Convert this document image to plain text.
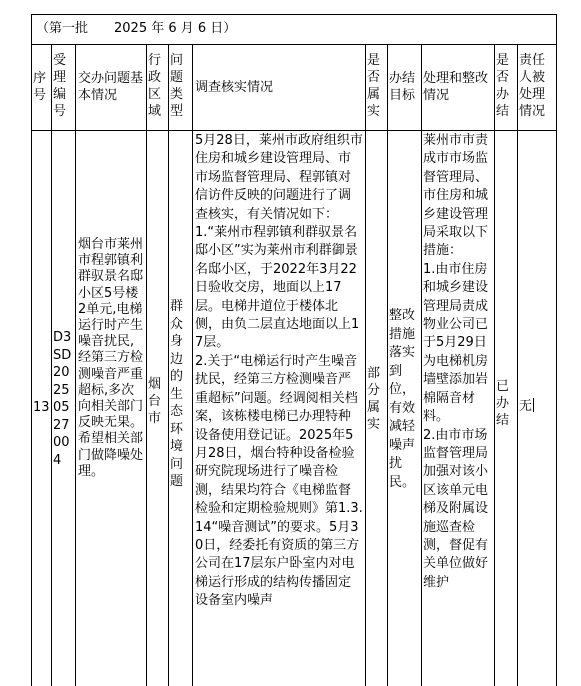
（第一批　　2025 年 6 月 6 日）
序号
受理编号
交办问题基本情况
行政区域
问题类型
调查核实情况
是否属实
办结目标
处理和整改情况
是否办结
责任人被处理情况
13
D3SD20250527004
烟台市莱州市程郭镇利群驭景名邸小区5号楼2单元,电梯运行时产生噪音扰民,经第三方检测噪音严重超标,多次向相关部门反映无果。希望相关部门做降噪处理。
烟台市
群众身边的生态环境问题
5月28日，莱州市政府组织市住房和城乡建设管理局、市市场监督管理局、程郭镇对信访件反映的问题进行了调查核实，有关情况如下：
1.“莱州市程郭镇利群驭景名邸小区”实为莱州市利群御景名邸小区，于2022年3月22日验收交房，地面以上17层。电梯井道位于楼体北侧，由负二层直达地面以上17层。
2.关于“电梯运行时产生噪音扰民，经第三方检测噪音严重超标”问题。经调阅相关档案，该栋楼电梯已办理特种设备使用登记证。2025年5月28日，烟台特种设备检验研究院现场进行了噪音检测，结果均符合《电梯监督检验和定期检验规则》第1.3.14“噪音测试”的要求。5月30日，经委托有资质的第三方公司在17层东户卧室内对电梯运行形成的结构传播固定设备室内噪声
部分属实
整改措施落实到位，有效减轻噪声扰民。
莱州市市责成市市场监督管理局、市住房和城乡建设管理局采取以下措施：
1.由市住房和城乡建设管理局责成物业公司已于5月29日为电梯机房墙壁添加岩棉隔音材料。
2.由市市场监督管理局加强对该小区该单元电梯及附属设施巡查检测，督促有关单位做好维护
已办结
无
